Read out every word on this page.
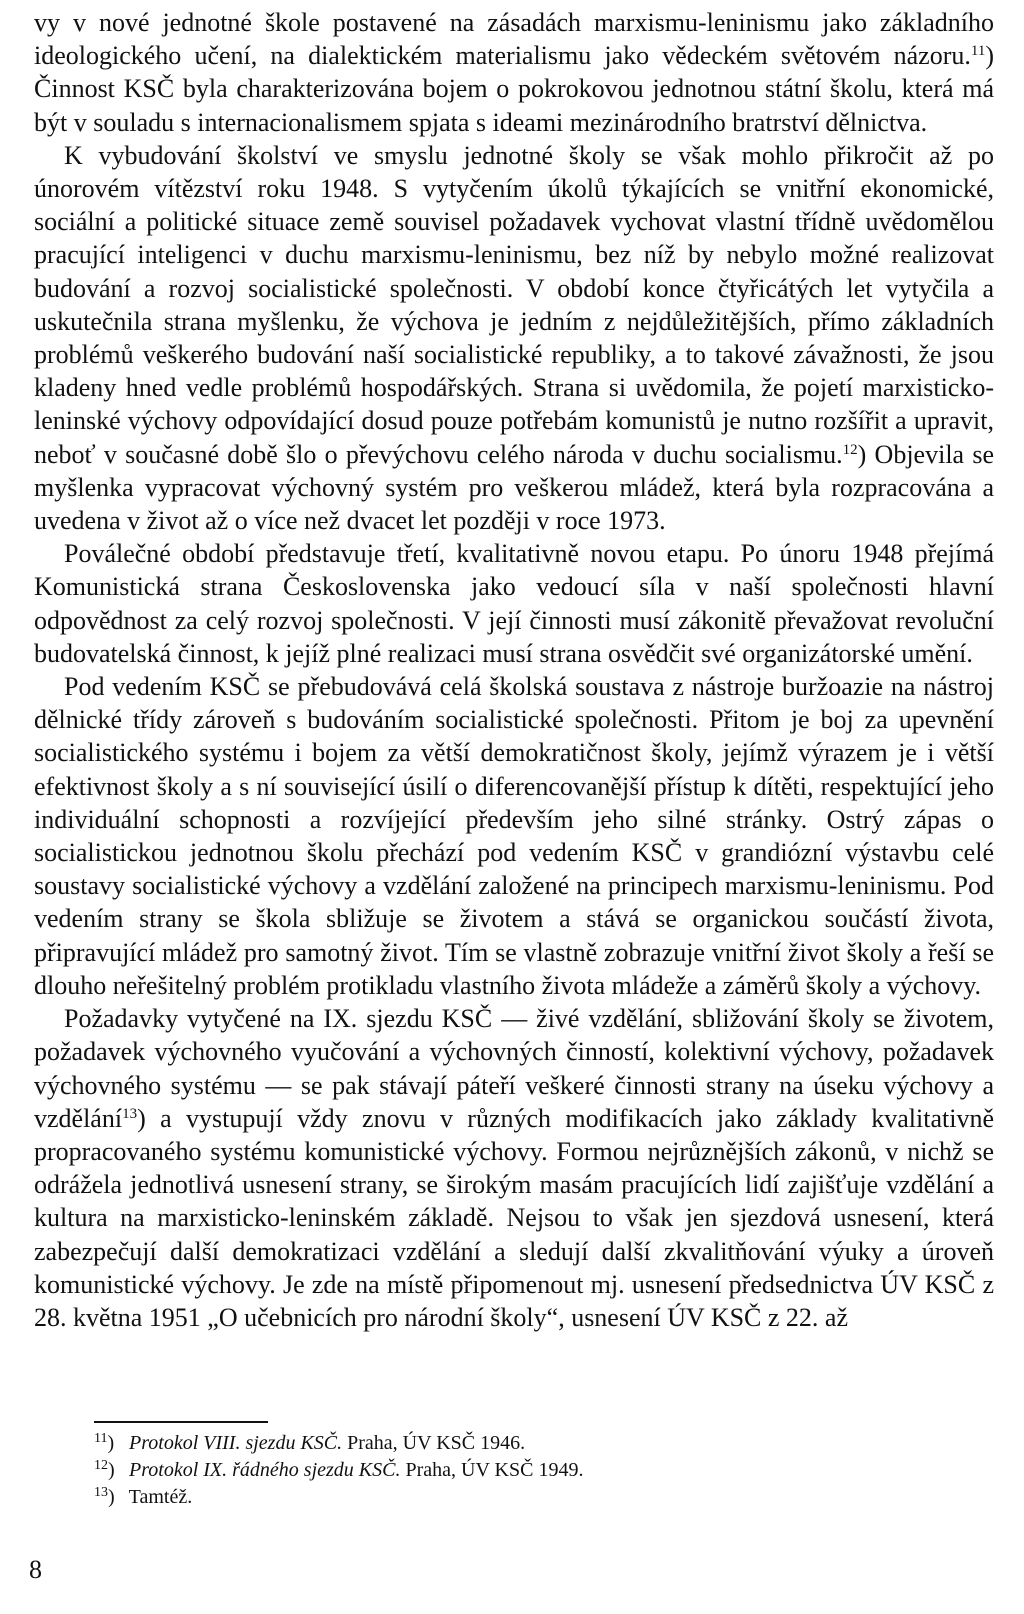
vy v nové jednotné škole postavené na zásadách marxismu-leninismu jako základního ideologického učení, na dialektickém materialismu jako vědeckém světovém názoru.$^{11}$) Činnost KSČ byla charakterizována bojem o pokrokovou jednotnou státní školu, která má být v souladu s internacionalismem spjata s ideami mezinárodního bratrství dělnictva.

K vybudování školství ve smyslu jednotné školy se však mohlo přikročit až po únorovém vítězství roku 1948. S vytyčením úkolů týkajících se vnitřní ekonomické, sociální a politické situace země souvisel požadavek vychovat vlastní třídně uvědomělou pracující inteligenci v duchu marxismu-leninismu, bez níž by nebylo možné realizovat budování a rozvoj socialistické společnosti. V období konce čtyřicátých let vytyčila a uskutečnila strana myšlenku, že výchova je jedním z nejdůležitějších, přímo základních problémů veškerého budování naší socialistické republiky, a to takové závažnosti, že jsou kladeny hned vedle problémů hospodářských. Strana si uvědomila, že pojetí marxisticko-leninské výchovy odpovídající dosud pouze potřebám komunistů je nutno rozšířit a upravit, neboť v současné době šlo o převýchovu celého národa v duchu socialismu.$^{12}$) Objevila se myšlenka vypracovat výchovný systém pro veškerou mládež, která byla rozpracována a uvedena v život až o více než dvacet let později v roce 1973.

Poválečné období představuje třetí, kvalitativně novou etapu. Po únoru 1948 přejímá Komunistická strana Československa jako vedoucí síla v naší společnosti hlavní odpovědnost za celý rozvoj společnosti. V její činnosti musí zákonitě převažovat revoluční budovatelská činnost, k jejíž plné realizaci musí strana osvědčit své organizátorské umění.

Pod vedením KSČ se přebudovává celá školská soustava z nástroje buržoazie na nástroj dělnické třídy zároveň s budováním socialistické společnosti. Přitom je boj za upevnění socialistického systému i bojem za větší demokratičnost školy, jejímž výrazem je i větší efektivnost školy a s ní související úsilí o diferencovanější přístup k dítěti, respektující jeho individuální schopnosti a rozvíjející především jeho silné stránky. Ostrý zápas o socialistickou jednotnou školu přechází pod vedením KSČ v grandiózní výstavbu celé soustavy socialistické výchovy a vzdělání založené na principech marxismu-leninismu. Pod vedením strany se škola sbližuje se životem a stává se organickou součástí života, připravující mládež pro samotný život. Tím se vlastně zobrazuje vnitřní život školy a řeší se dlouho neřešitelný problém protikladu vlastního života mládeže a záměrů školy a výchovy.

Požadavky vytyčené na IX. sjezdu KSČ — živé vzdělání, sbližování školy se životem, požadavek výchovného vyučování a výchovných činností, kolektivní výchovy, požadavek výchovného systému — se pak stávají páteří veškeré činnosti strany na úseku výchovy a vzdělání$^{13}$) a vystupují vždy znovu v různých modifikacích jako základy kvalitativně propracovaného systému komunistické výchovy. Formou nejrůznějších zákonů, v nichž se odrážela jednotlivá usnesení strany, se širokým masám pracujících lidí zajišťuje vzdělání a kultura na marxisticko-leninském základě. Nejsou to však jen sjezdová usnesení, která zabezpečují další demokratizaci vzdělání a sledují další zkvalitňování výuky a úroveň komunistické výchovy. Je zde na místě připomenout mj. usnesení předsednictva ÚV KSČ z 28. května 1951 „O učebnicích pro národní školy“, usnesení ÚV KSČ z 22. až

$^{11}$) Protokol VIII. sjezdu KSČ. Praha, ÚV KSČ 1946.
$^{12}$) Protokol IX. řádného sjezdu KSČ. Praha, ÚV KSČ 1949.
$^{13}$) Tamtéž.
8
